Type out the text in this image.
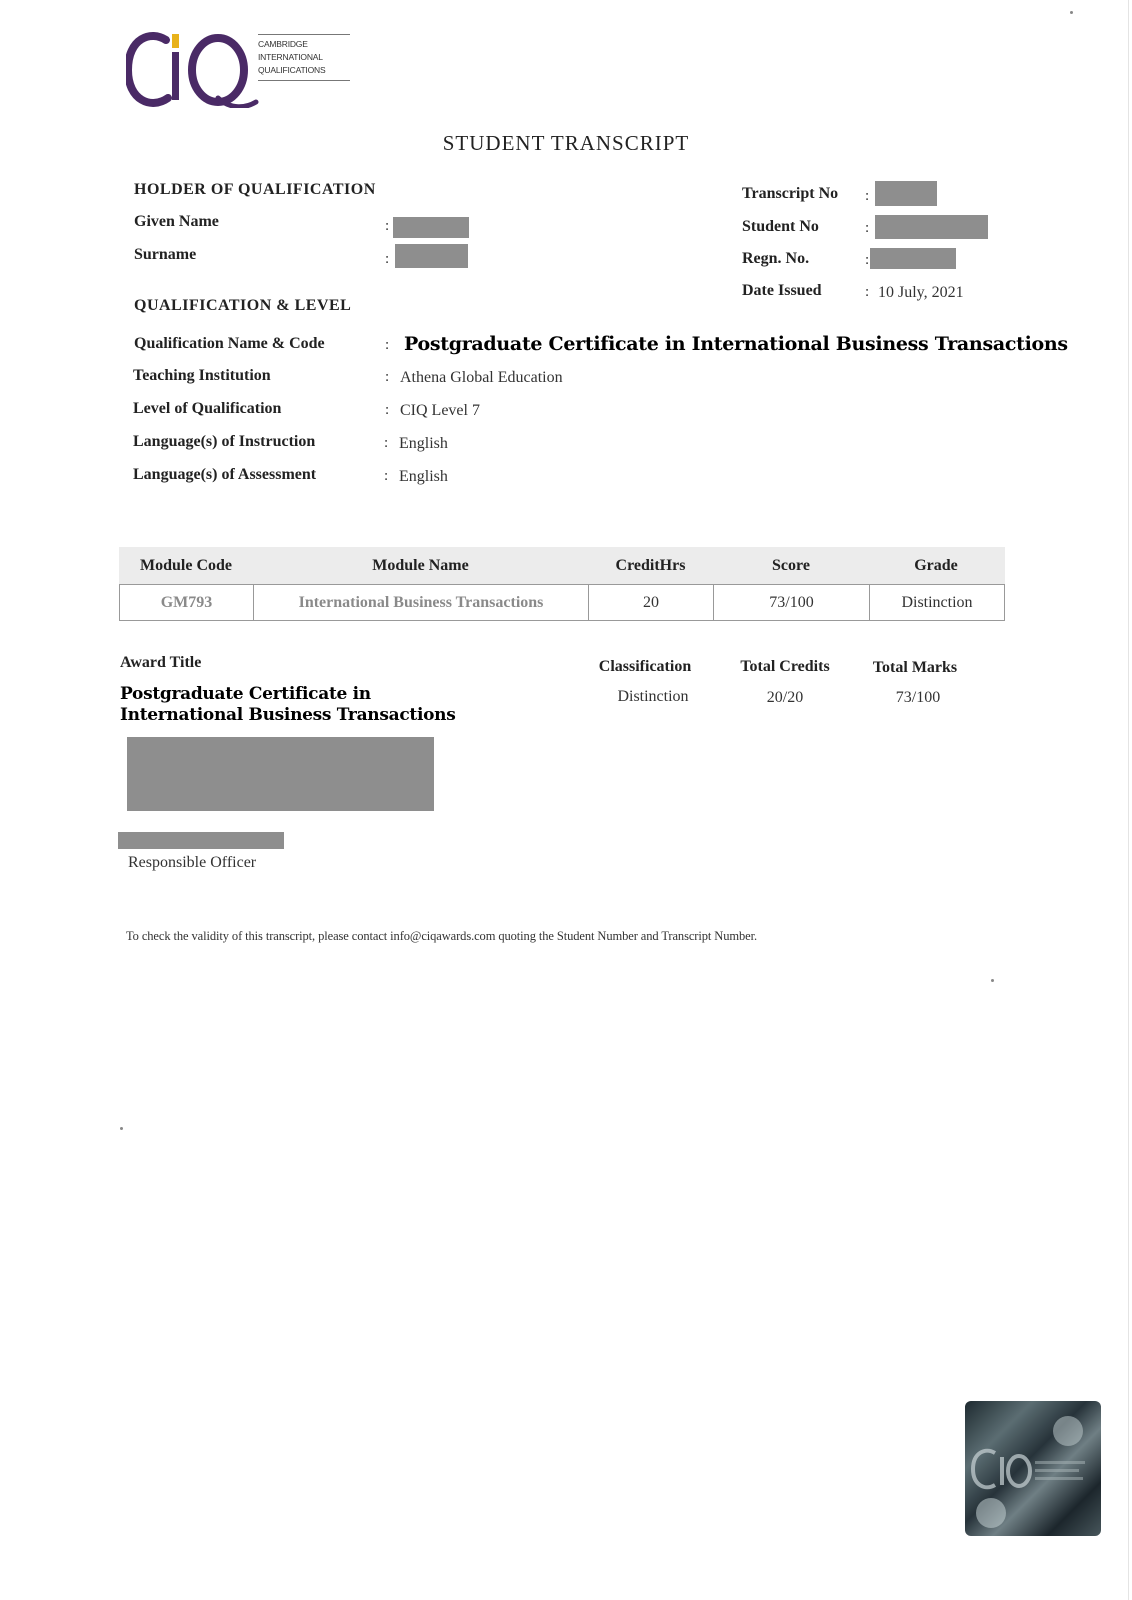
CAMBRIDGE
INTERNATIONAL
QUALIFICATIONS
STUDENT TRANSCRIPT
HOLDER OF QUALIFICATION
Given Name	:
Surname	:
Transcript No :
Student No	:
Regn. No.	:
Date Issued	: 10 July, 2021
QUALIFICATION & LEVEL
Qualification Name & Code	: Postgraduate Certificate in International Business Transactions
Teaching Institution	: Athena Global Education
Level of Qualification	: CIQ Level 7
Language(s) of Instruction	: English
Language(s) of Assessment	: English
Module Code	Module Name	CreditHrs	Score	Grade
GM793	International Business Transactions	20	73/100	Distinction
Award Title
Postgraduate Certificate in International Business Transactions
Classification	Total Credits	Total Marks
Distinction	20/20	73/100
Responsible Officer
To check the validity of this transcript, please contact info@ciqawards.com quoting the Student Number and Transcript Number.
